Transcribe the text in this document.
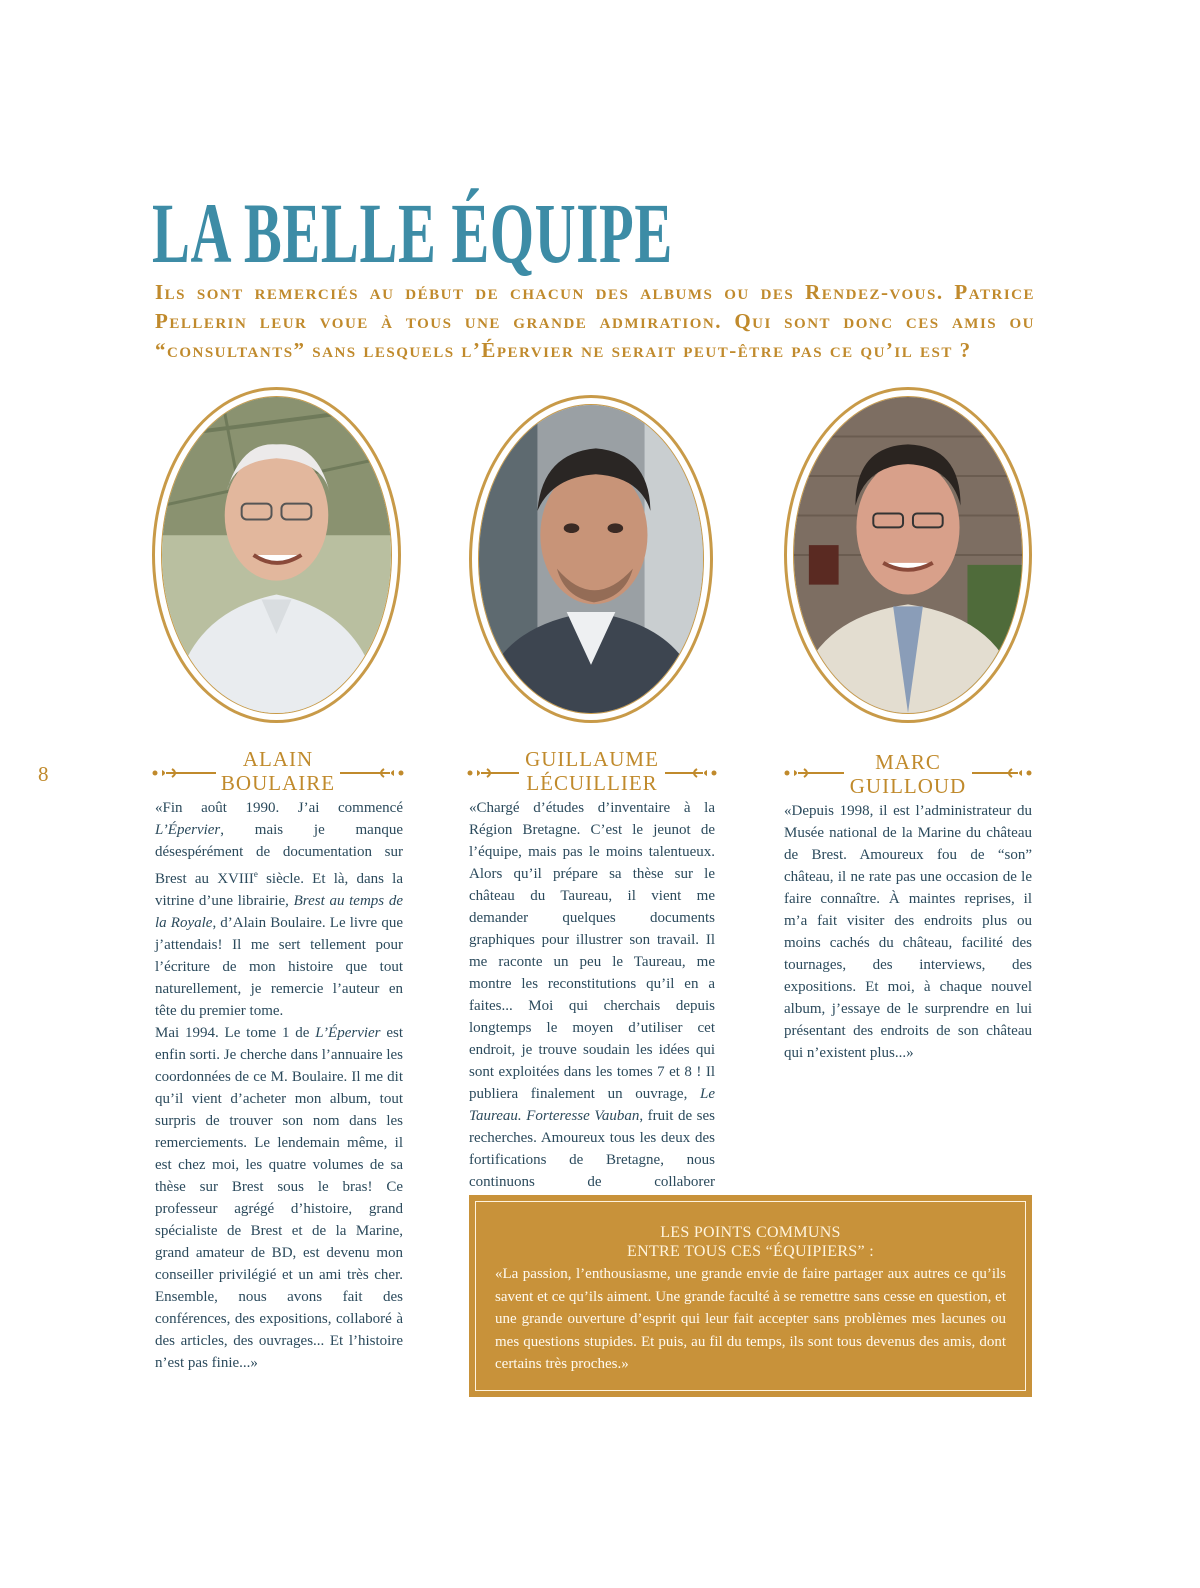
LA BELLE ÉQUIPE

Ils sont remerciés au début de chacun des albums ou des Rendez-vous. Patrice Pellerin leur voue à tous une grande admiration. Qui sont donc ces amis ou “consultants” sans lesquels l’Épervier ne serait peut-être pas ce qu’il est ?

ALAIN
BOULAIRE
GUILLAUME
LÉCUILLIER
MARC
GUILLOUD
8

«Fin août 1990. J’ai commencé L’Épervier, mais je manque désespérément de documentation sur Brest au XVIIIe siècle. Et là, dans la vitrine d’une librairie, Brest au temps de la Royale, d’Alain Boulaire. Le livre que j’attendais! Il me sert tellement pour l’écriture de mon histoire que tout naturellement, je remercie l’auteur en tête du premier tome.

Mai 1994. Le tome 1 de L’Épervier est enfin sorti. Je cherche dans l’annuaire les coordonnées de ce M. Boulaire. Il me dit qu’il vient d’acheter mon album, tout surpris de trouver son nom dans les remerciements. Le lendemain même, il est chez moi, les quatre volumes de sa thèse sur Brest sous le bras! Ce professeur agrégé d’histoire, grand spécialiste de Brest et de la Marine, grand amateur de BD, est devenu mon conseiller privilégié et un ami très cher. Ensemble, nous avons fait des conférences, des expositions, collaboré à des articles, des ouvrages... Et l’histoire n’est pas finie...»

«Chargé d’études d’inventaire à la Région Bretagne. C’est le jeunot de l’équipe, mais pas le moins talentueux. Alors qu’il prépare sa thèse sur le château du Taureau, il vient me demander quelques documents graphiques pour illustrer son travail. Il me raconte un peu le Taureau, me montre les reconstitutions qu’il en a faites... Moi qui cherchais depuis longtemps le moyen d’utiliser cet endroit, je trouve soudain les idées qui sont exploitées dans les tomes 7 et 8 ! Il publiera finalement un ouvrage, Le Taureau. Forteresse Vauban, fruit de ses recherches. Amoureux tous les deux des fortifications de Bretagne, nous continuons de collaborer

«Depuis 1998, il est l’administrateur du Musée national de la Marine du château de Brest. Amoureux fou de “son” château, il ne rate pas une occasion de le faire connaître. À maintes reprises, il m’a fait visiter des endroits plus ou moins cachés du château, facilité des tournages, des interviews, des expositions. Et moi, à chaque nouvel album, j’essaye de le surprendre en lui présentant des endroits de son château qui n’existent plus...»

LES POINTS COMMUNS
ENTRE TOUS CES “ÉQUIPIERS” :

«La passion, l’enthousiasme, une grande envie de faire partager aux autres ce qu’ils savent et ce qu’ils aiment. Une grande faculté à se remettre sans cesse en question, et une grande ouverture d’esprit qui leur fait accepter sans problèmes mes lacunes ou mes questions stupides. Et puis, au fil du temps, ils sont tous devenus des amis, dont certains très proches.»
